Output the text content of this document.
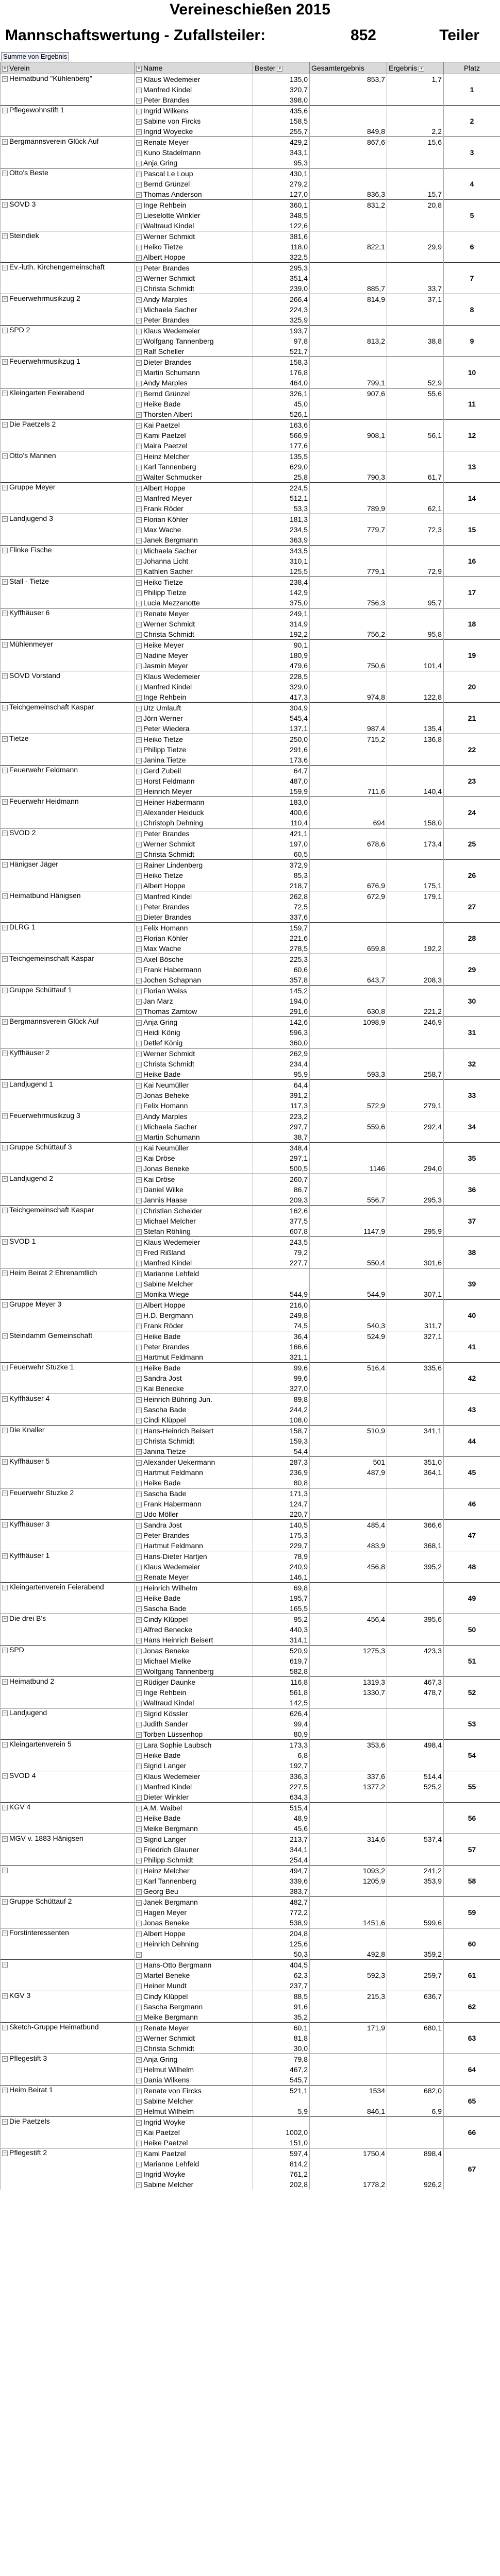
Vereineschießen 2015
Mannschaftswertung - Zufallsteiler:	852	Teiler
Summe von Ergebnis
▼ Verein	▼ Name	Bester ▼	Gesamtergebnis	Ergebnis ▼	Platz
− Heimatbund "Kühlenberg"	− Klaus Wedemeier	135,0	853,7	1,7	1
	− Manfred Kindel	320,7			
	− Peter Brandes	398,0			
− Pflegewohnstift 1	− Ingrid Wilkens	435,6			2
	− Sabine von Fircks	158,5			
	− Ingrid Woyecke	255,7	849,8	2,2	
− Bergmannsverein Glück Auf	− Renate Meyer	429,2	867,6	15,6	3
	− Kuno Stadelmann	343,1			
	− Anja Gring	95,3			
− Otto's Beste	− Pascal Le Loup	430,1			4
	− Bernd Grünzel	279,2			
	− Thomas Anderson	127,0	836,3	15,7	
− SOVD 3	− Inge Rehbein	360,1	831,2	20,8	5
	− Lieselotte Winkler	348,5			
	− Waltraud Kindel	122,6			
− Steindiek	− Werner Schmidt	381,6			6
	− Heiko Tietze	118,0	822,1	29,9	
	− Albert Hoppe	322,5			
− Ev.-luth. Kirchengemeinschaft	− Peter Brandes	295,3			7
	− Werner Schmidt	351,4			
	− Christa Schmidt	239,0	885,7	33,7	
− Feuerwehrmusikzug 2	− Andy Marples	266,4	814,9	37,1	8
	− Michaela Sacher	224,3			
	− Peter Brandes	325,9			
− SPD 2	− Klaus Wedemeier	193,7			9
	− Wolfgang Tannenberg	97,8	813,2	38,8	
	− Ralf Scheller	521,7			
− Feuerwehrmusikzug 1	− Dieter Brandes	158,3			10
	− Martin Schumann	176,8			
	− Andy Marples	464,0	799,1	52,9	
− Kleingarten Feierabend	− Bernd Grünzel	326,1	907,6	55,6	11
	− Heike Bade	45,0			
	− Thorsten Albert	526,1			
− Die Paetzels 2	− Kai Paetzel	163,6			12
	− Kami Paetzel	566,9	908,1	56,1	
	− Maira Paetzel	177,6			
− Otto's Mannen	− Heinz Melcher	135,5			13
	− Karl Tannenberg	629,0			
	− Walter Schmucker	25,8	790,3	61,7	
− Gruppe Meyer	− Albert Hoppe	224,5			14
	− Manfred Meyer	512,1			
	− Frank Röder	53,3	789,9	62,1	
− Landjugend 3	− Florian Köhler	181,3			15
	− Max Wache	234,5	779,7	72,3	
	− Janek Bergmann	363,9			
− Flinke Fische	− Michaela Sacher	343,5			16
	− Johanna Licht	310,1			
	− Kathlen Sacher	125,5	779,1	72,9	
− Stall - Tietze	− Heiko Tietze	238,4			17
	− Philipp Tietze	142,9			
	− Lucia Mezzanotte	375,0	756,3	95,7	
− Kyffhäuser 6	− Renate Meyer	249,1			18
	− Werner Schmidt	314,9			
	− Christa Schmidt	192,2	756,2	95,8	
− Mühlenmeyer	− Heike Meyer	90,1			19
	− Nadine Meyer	180,9			
	− Jasmin Meyer	479,6	750,6	101,4	
− SOVD Vorstand	− Klaus Wedemeier	228,5			20
	− Manfred Kindel	329,0			
	− Inge Rehbein	417,3	974,8	122,8	
− Teichgemeinschaft Kaspar	− Utz Umlauft	304,9			21
	− Jörn Werner	545,4			
	− Peter Wiedera	137,1	987,4	135,4	
− Tietze	− Heiko Tietze	250,0	715,2	136,8	22
	− Philipp Tietze	291,6			
	− Janina Tietze	173,6			
− Feuerwehr Feldmann	− Gerd Zubeil	64,7			23
	− Horst Feldmann	487,0			
	− Heinrich Meyer	159,9	711,6	140,4	
− Feuerwehr Heidmann	− Heiner Habermann	183,0			24
	− Alexander Heiduck	400,6			
	− Christoph Dehning	110,4	694	158,0	
− SVOD 2	− Peter Brandes	421,1			25
	− Werner Schmidt	197,0	678,6	173,4	
	− Christa Schmidt	60,5			
− Hänigser Jäger	− Rainer Lindenberg	372,9			26
	− Heiko Tietze	85,3			
	− Albert Hoppe	218,7	676,9	175,1	
− Heimatbund Hänigsen	− Manfred Kindel	262,8	672,9	179,1	27
	− Peter Brandes	72,5			
	− Dieter Brandes	337,6			
− DLRG 1	− Felix Homann	159,7			28
	− Florian Köhler	221,6			
	− Max Wache	278,5	659,8	192,2	
− Teichgemeinschaft Kaspar	− Axel Bösche	225,3			29
	− Frank Habermann	60,6			
	− Jochen Schapnan	357,8	643,7	208,3	
− Gruppe Schüttauf 1	− Florian Weiss	145,2			30
	− Jan Marz	194,0			
	− Thomas Zamtow	291,6	630,8	221,2	
− Bergmannsverein Glück Auf	− Anja Gring	142,6	1098,9	246,9	31
	− Heidi König	596,3			
	− Detlef König	360,0			
− Kyffhäuser 2	− Werner Schmidt	262,9			32
	− Christa Schmidt	234,4			
	− Heike Bade	95,9	593,3	258,7	
− Landjugend 1	− Kai Neumüller	64,4			33
	− Jonas Beheke	391,2			
	− Felix Homann	117,3	572,9	279,1	
− Feuerwehrmusikzug 3	− Andy Marples	223,2			34
	− Michaela Sacher	297,7	559,6	292,4	
	− Martin Schumann	38,7			
− Gruppe Schüttauf 3	− Kai Neumüller	348,4			35
	− Kai Dröse	297,1			
	− Jonas Beneke	500,5	1146	294,0	
− Landjugend 2	− Kai Dröse	260,7			36
	− Daniel Wilke	86,7			
	− Jannis Haase	209,3	556,7	295,3	
− Teichgemeinschaft Kaspar	− Christian Scheider	162,6			37
	− Michael Melcher	377,5			
	− Stefan Röhling	607,8	1147,9	295,9	
− SVOD 1	− Klaus Wedemeier	243,5			38
	− Fred Rißland	79,2			
	− Manfred Kindel	227,7	550,4	301,6	
− Heim Beirat 2 Ehrenamtlich	− Marianne Lehfeld				39
	− Sabine Melcher				
	− Monika Wiege	544,9	544,9	307,1	
− Gruppe Meyer 3	− Albert Hoppe	216,0			40
	− H.D. Bergmann	249,8			
	− Frank Röder	74,5	540,3	311,7	
− Steindamm Gemeinschaft	− Heike Bade	36,4	524,9	327,1	41
	− Peter Brandes	166,6			
	− Hartmut Feldmann	321,1			
− Feuerwehr Stuzke 1	− Heike Bade	99,6	516,4	335,6	42
	− Sandra Jost	99,6			
	− Kai Benecke	327,0			
− Kyffhäuser 4	− Heinrich Bühring Jun.	89,8			43
	− Sascha Bade	244,2			
	− Cindi Klüppel	108,0			
− Die Knaller	− Hans-Heinrich Beisert	158,7	510,9	341,1	44
	− Christa Schmidt	159,3			
	− Janina Tietze	54,4			
− Kyffhäuser 5	− Alexander Uekermann	287,3	501	351,0	45
	− Hartmut Feldmann	236,9	487,9	364,1	
	− Heike Bade	80,8			
− Feuerwehr Stuzke 2	− Sascha Bade	171,3			46
	− Frank Habermann	124,7			
	− Udo Möller	220,7			
− Kyffhäuser 3	− Sandra Jost	140,5	485,4	366,6	47
	− Peter Brandes	175,3			
	− Hartmut Feldmann	229,7	483,9	368,1	
− Kyffhäuser 1	− Hans-Dieter Hartjen	78,9			48
	− Klaus Wedemeier	240,9	456,8	395,2	
	− Renate Meyer	146,1			
− Kleingartenverein Feierabend	− Heinrich Wilhelm	69,8			49
	− Heike Bade	195,7			
	− Sascha Bade	165,5			
− Die drei B's	− Cindy Klüppel	95,2	456,4	395,6	50
	− Alfred Benecke	440,3			
	− Hans Heinrich Beisert	314,1			
− SPD	− Jonas Beneke	520,9	1275,3	423,3	51
	− Michael Mielke	619,7			
	− Wolfgang Tannenberg	582,8			
− Heimatbund 2	− Rüdiger Daunke	116,8	1319,3	467,3	52
	− Inge Rehbein	561,8	1330,7	478,7	
	− Waltraud Kindel	142,5			
− Landjugend	− Sigrid Kössler	626,4			53
	− Judith Sander	99,4			
	− Torben Lüssenhop	80,9			
− Kleingartenverein 5	− Lara Sophie Laubsch	173,3	353,6	498,4	54
	− Heike Bade	6,8			
	− Sigrid Langer	192,7			
− SVOD 4	− Klaus Wedemeier	336,3	337,6	514,4	55
	− Manfred Kindel	227,5	1377,2	525,2	
	− Dieter Winkler	634,3			
− KGV 4	− A.M. Waibel	515,4			56
	− Heike Bade	48,9			
	− Meike Bergmann	45,6			
− MGV v. 1883 Hänigsen	− Sigrid Langer	213,7	314,6	537,4	57
	− Friedrich Glauner	344,1			
	− Philipp Schmidt	254,4			
−	− Heinz Melcher	494,7	1093,2	241,2	58
	− Karl Tannenberg	339,6	1205,9	353,9	
	− Georg Beu	383,7			
− Gruppe Schüttauf 2	− Janek Bergmann	482,7			59
	− Hagen Meyer	772,2			
	− Jonas Beneke	538,9	1451,6	599,6	
− Forstinteressenten	− Albert Hoppe	204,8			60
	− Heinrich Dehning	125,6			
	−	50,3	492,8	359,2	
−	− Hans-Otto Bergmann	404,5			61
	− Martel Beneke	62,3	592,3	259,7	
	− Heiner Mundt	237,7			
− KGV 3	− Cindy Klüppel	88,5	215,3	636,7	62
	− Sascha Bergmann	91,6			
	− Meike Bergmann	35,2			
− Sketch-Gruppe Heimatbund	− Renate Meyer	60,1	171,9	680,1	63
	− Werner Schmidt	81,8			
	− Christa Schmidt	30,0			
− Pflegestift 3	− Anja Gring	79,8			64
	− Helmut Wilhelm	467,2			
	− Dania Wilkens	545,7			
− Heim Beirat 1	− Renate von Fircks	521,1	1534	682,0	65
	− Sabine Melcher				
	− Helmut Wilhelm	5,9	846,1	6,9	
− Die Paetzels	− Ingrid Woyke				66
	− Kai Paetzel	1002,0			
	− Heike Paetzel	151,0			
− Pflegestift 2	− Kami Paetzel	597,4	1750,4	898,4	67
	− Marianne Lehfeld	814,2			
	− Ingrid Woyke	761,2			
	− Sabine Melcher	202,8	1778,2	926,2	
